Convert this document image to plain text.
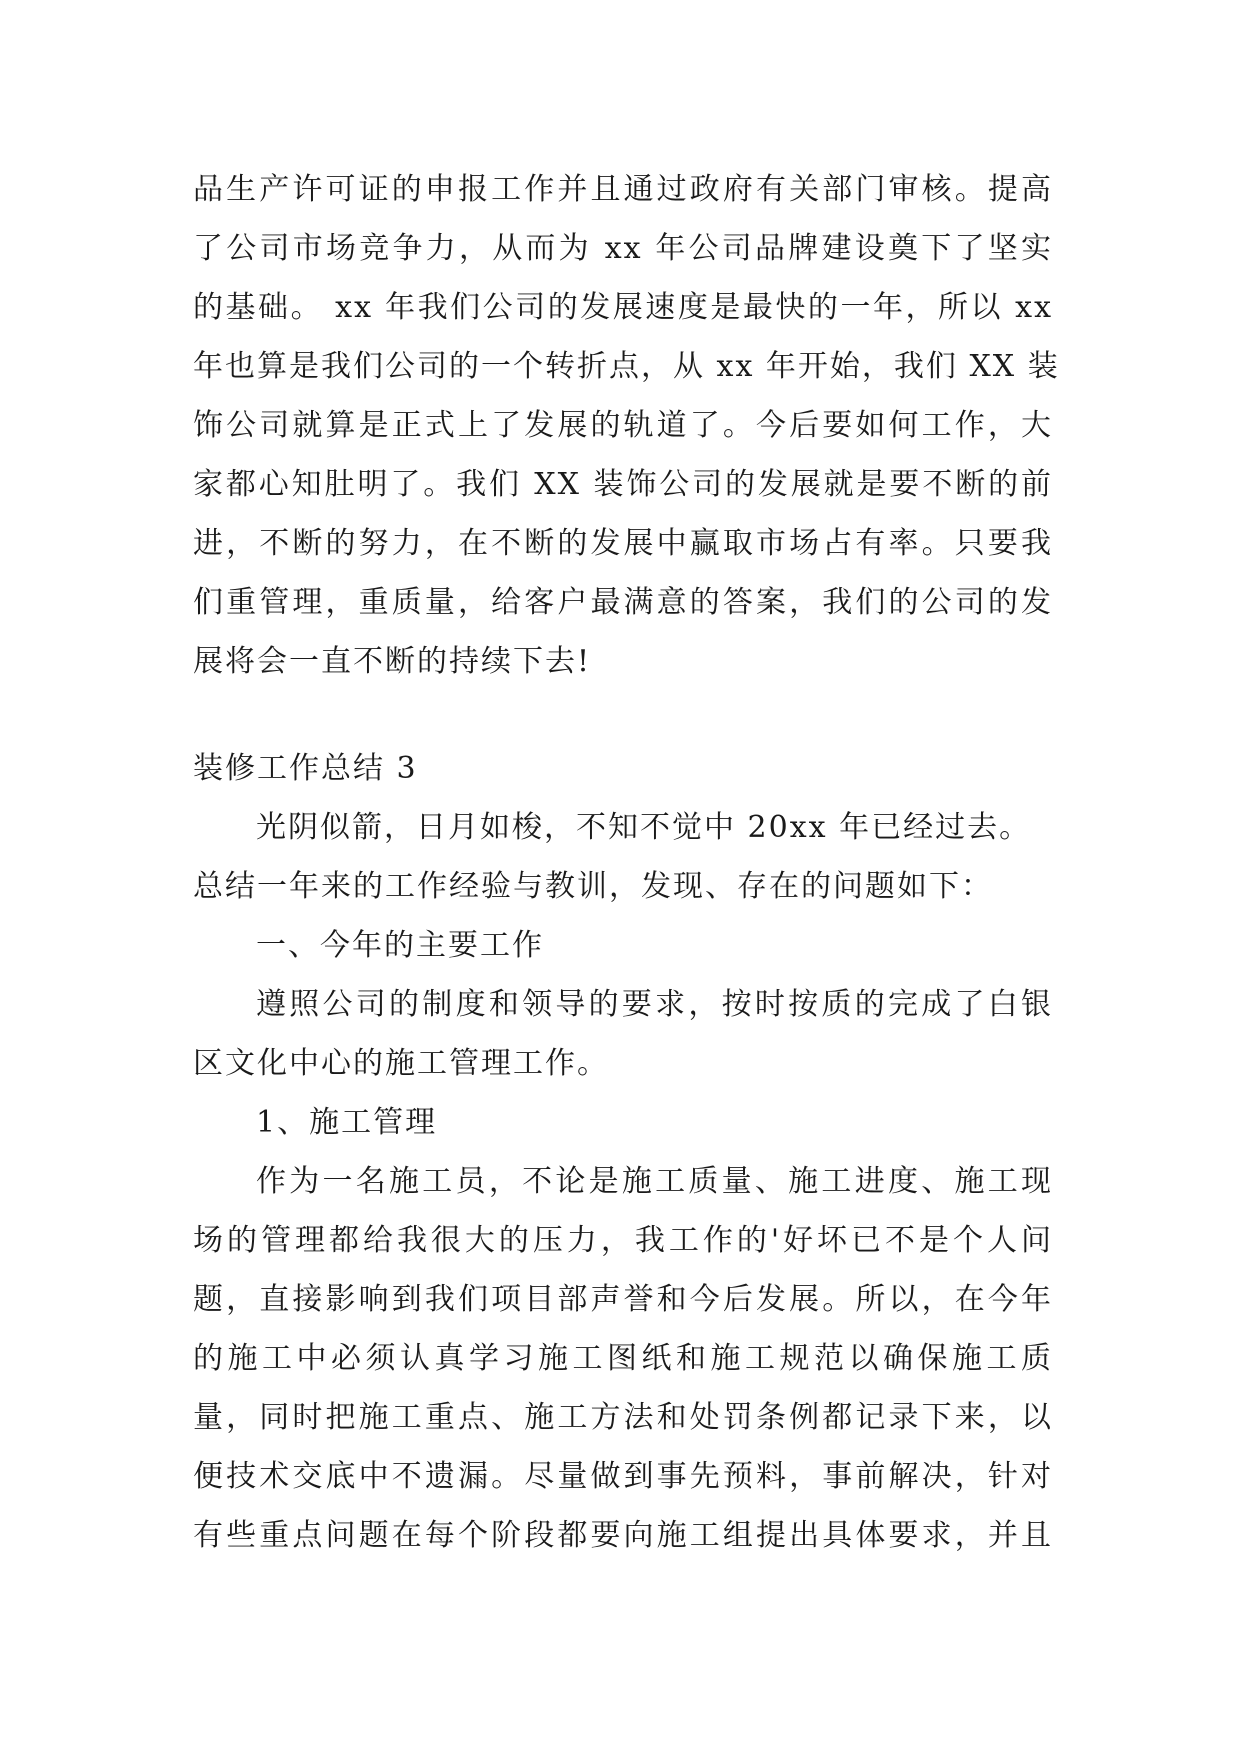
品生产许可证的申报工作并且通过政府有关部门审核。提高
了公司市场竞争力，从而为 xx 年公司品牌建设奠下了坚实
的基础。 xx 年我们公司的发展速度是最快的一年，所以 xx
年也算是我们公司的一个转折点，从 xx 年开始，我们 XX 装
饰公司就算是正式上了发展的轨道了。今后要如何工作，大
家都心知肚明了。我们 XX 装饰公司的发展就是要不断的前
进，不断的努力，在不断的发展中赢取市场占有率。只要我
们重管理，重质量，给客户最满意的答案，我们的公司的发
展将会一直不断的持续下去!
装修工作总结 3
光阴似箭，日月如梭，不知不觉中 20xx 年已经过去。
总结一年来的工作经验与教训，发现、存在的问题如下：
一、今年的主要工作
遵照公司的制度和领导的要求，按时按质的完成了白银
区文化中心的施工管理工作。
1、施工管理
作为一名施工员，不论是施工质量、施工进度、施工现
场的管理都给我很大的压力，我工作的'好坏已不是个人问
题，直接影响到我们项目部声誉和今后发展。所以，在今年
的施工中必须认真学习施工图纸和施工规范以确保施工质
量，同时把施工重点、施工方法和处罚条例都记录下来，以
便技术交底中不遗漏。尽量做到事先预料，事前解决，针对
有些重点问题在每个阶段都要向施工组提出具体要求，并且
